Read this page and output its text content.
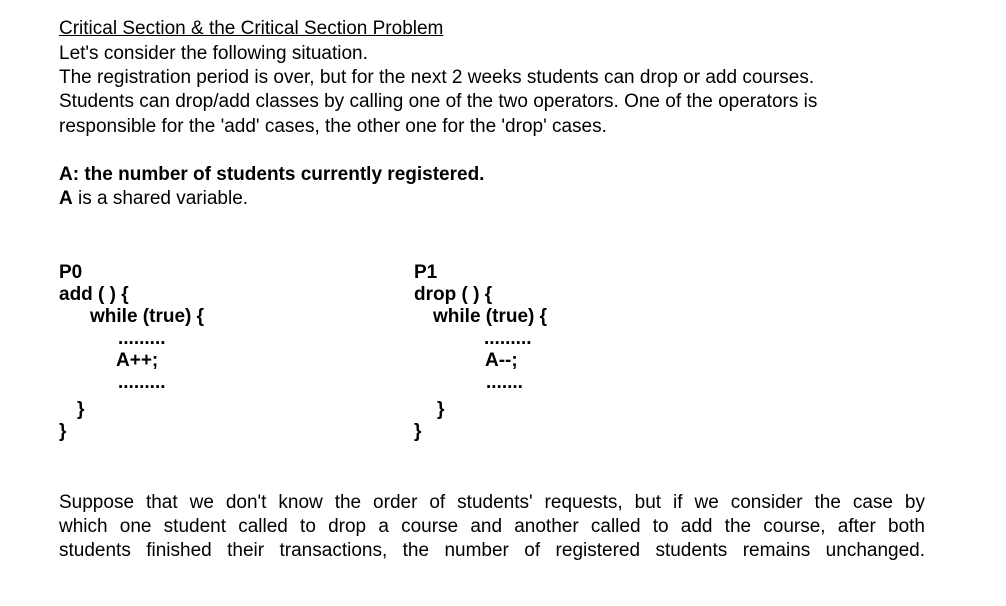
Critical Section & the Critical Section Problem
Let's consider the following situation.
The registration period is over, but for the next 2 weeks students can drop or add courses.
Students can drop/add classes by calling one of the two operators. One of the operators is
responsible for the 'add' cases, the other one for the 'drop' cases.
A: the number of students currently registered.
A is a shared variable.
P0
add ( ) {
while (true) {
.........
A++;
.........
}
}
P1
drop ( ) {
while (true) {
.........
A--;
.......
}
}
Suppose that we don't know the order of students' requests, but if we consider the case by
which one student called to drop a course and another called to add the course, after both
students finished their transactions, the number of registered students remains unchanged.
